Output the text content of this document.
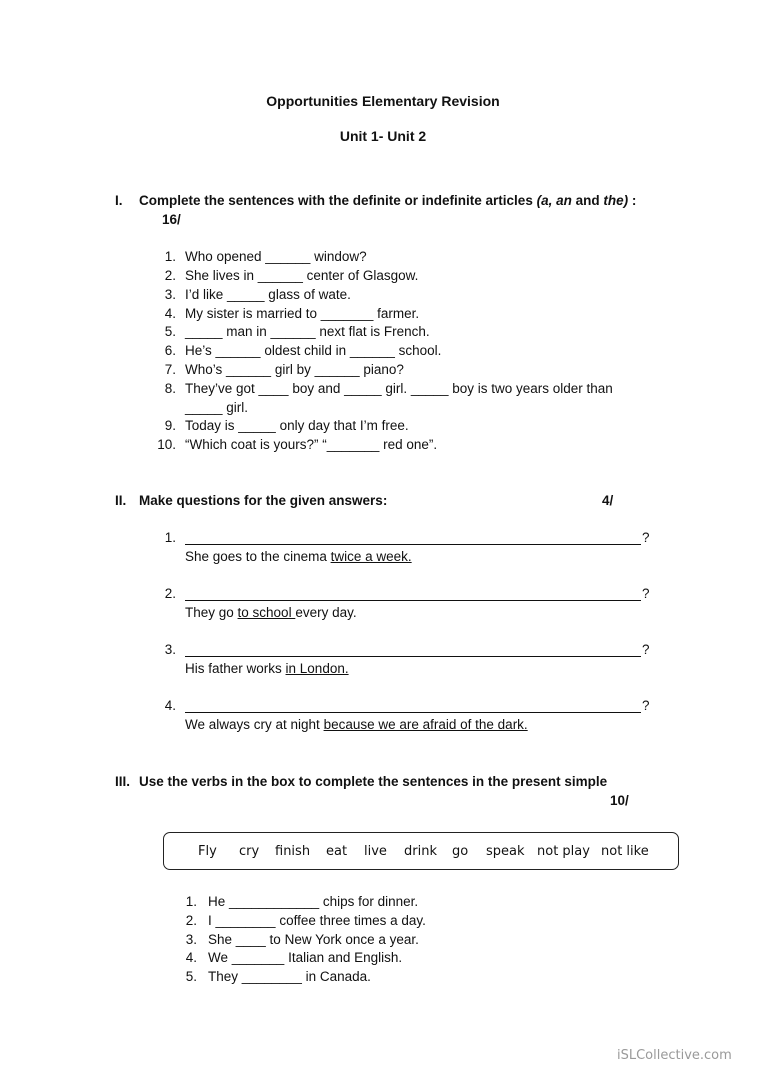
Opportunities Elementary Revision
Unit 1- Unit 2
I. Complete the sentences with the definite or indefinite articles (a, an and the) :
16/
1. Who opened ______ window?
2. She lives in ______ center of Glasgow.
3. I’d like _____ glass of wate.
4. My sister is married to _______ farmer.
5. _____ man in ______ next flat is French.
6. He’s ______ oldest child in ______ school.
7. Who’s ______ girl by ______ piano?
8. They’ve got ____ boy and _____ girl. _____ boy is two years older than
_____ girl.
9. Today is _____ only day that I’m free.
10. “Which coat is yours?” “_______ red one”.
II. Make questions for the given answers:	4/
1.	?
She goes to the cinema twice a week.
2.	?
They go to school every day.
3.	?
His father works in London.
4.	?
We always cry at night because we are afraid of the dark.
III. Use the verbs in the box to complete the sentences in the present simple
10/
Fly cry finish eat live drink go speak not play not like
1. He ____________ chips for dinner.
2. I ________ coffee three times a day.
3. She ____ to New York once a year.
4. We _______ Italian and English.
5. They ________ in Canada.
iSLCollective.com
